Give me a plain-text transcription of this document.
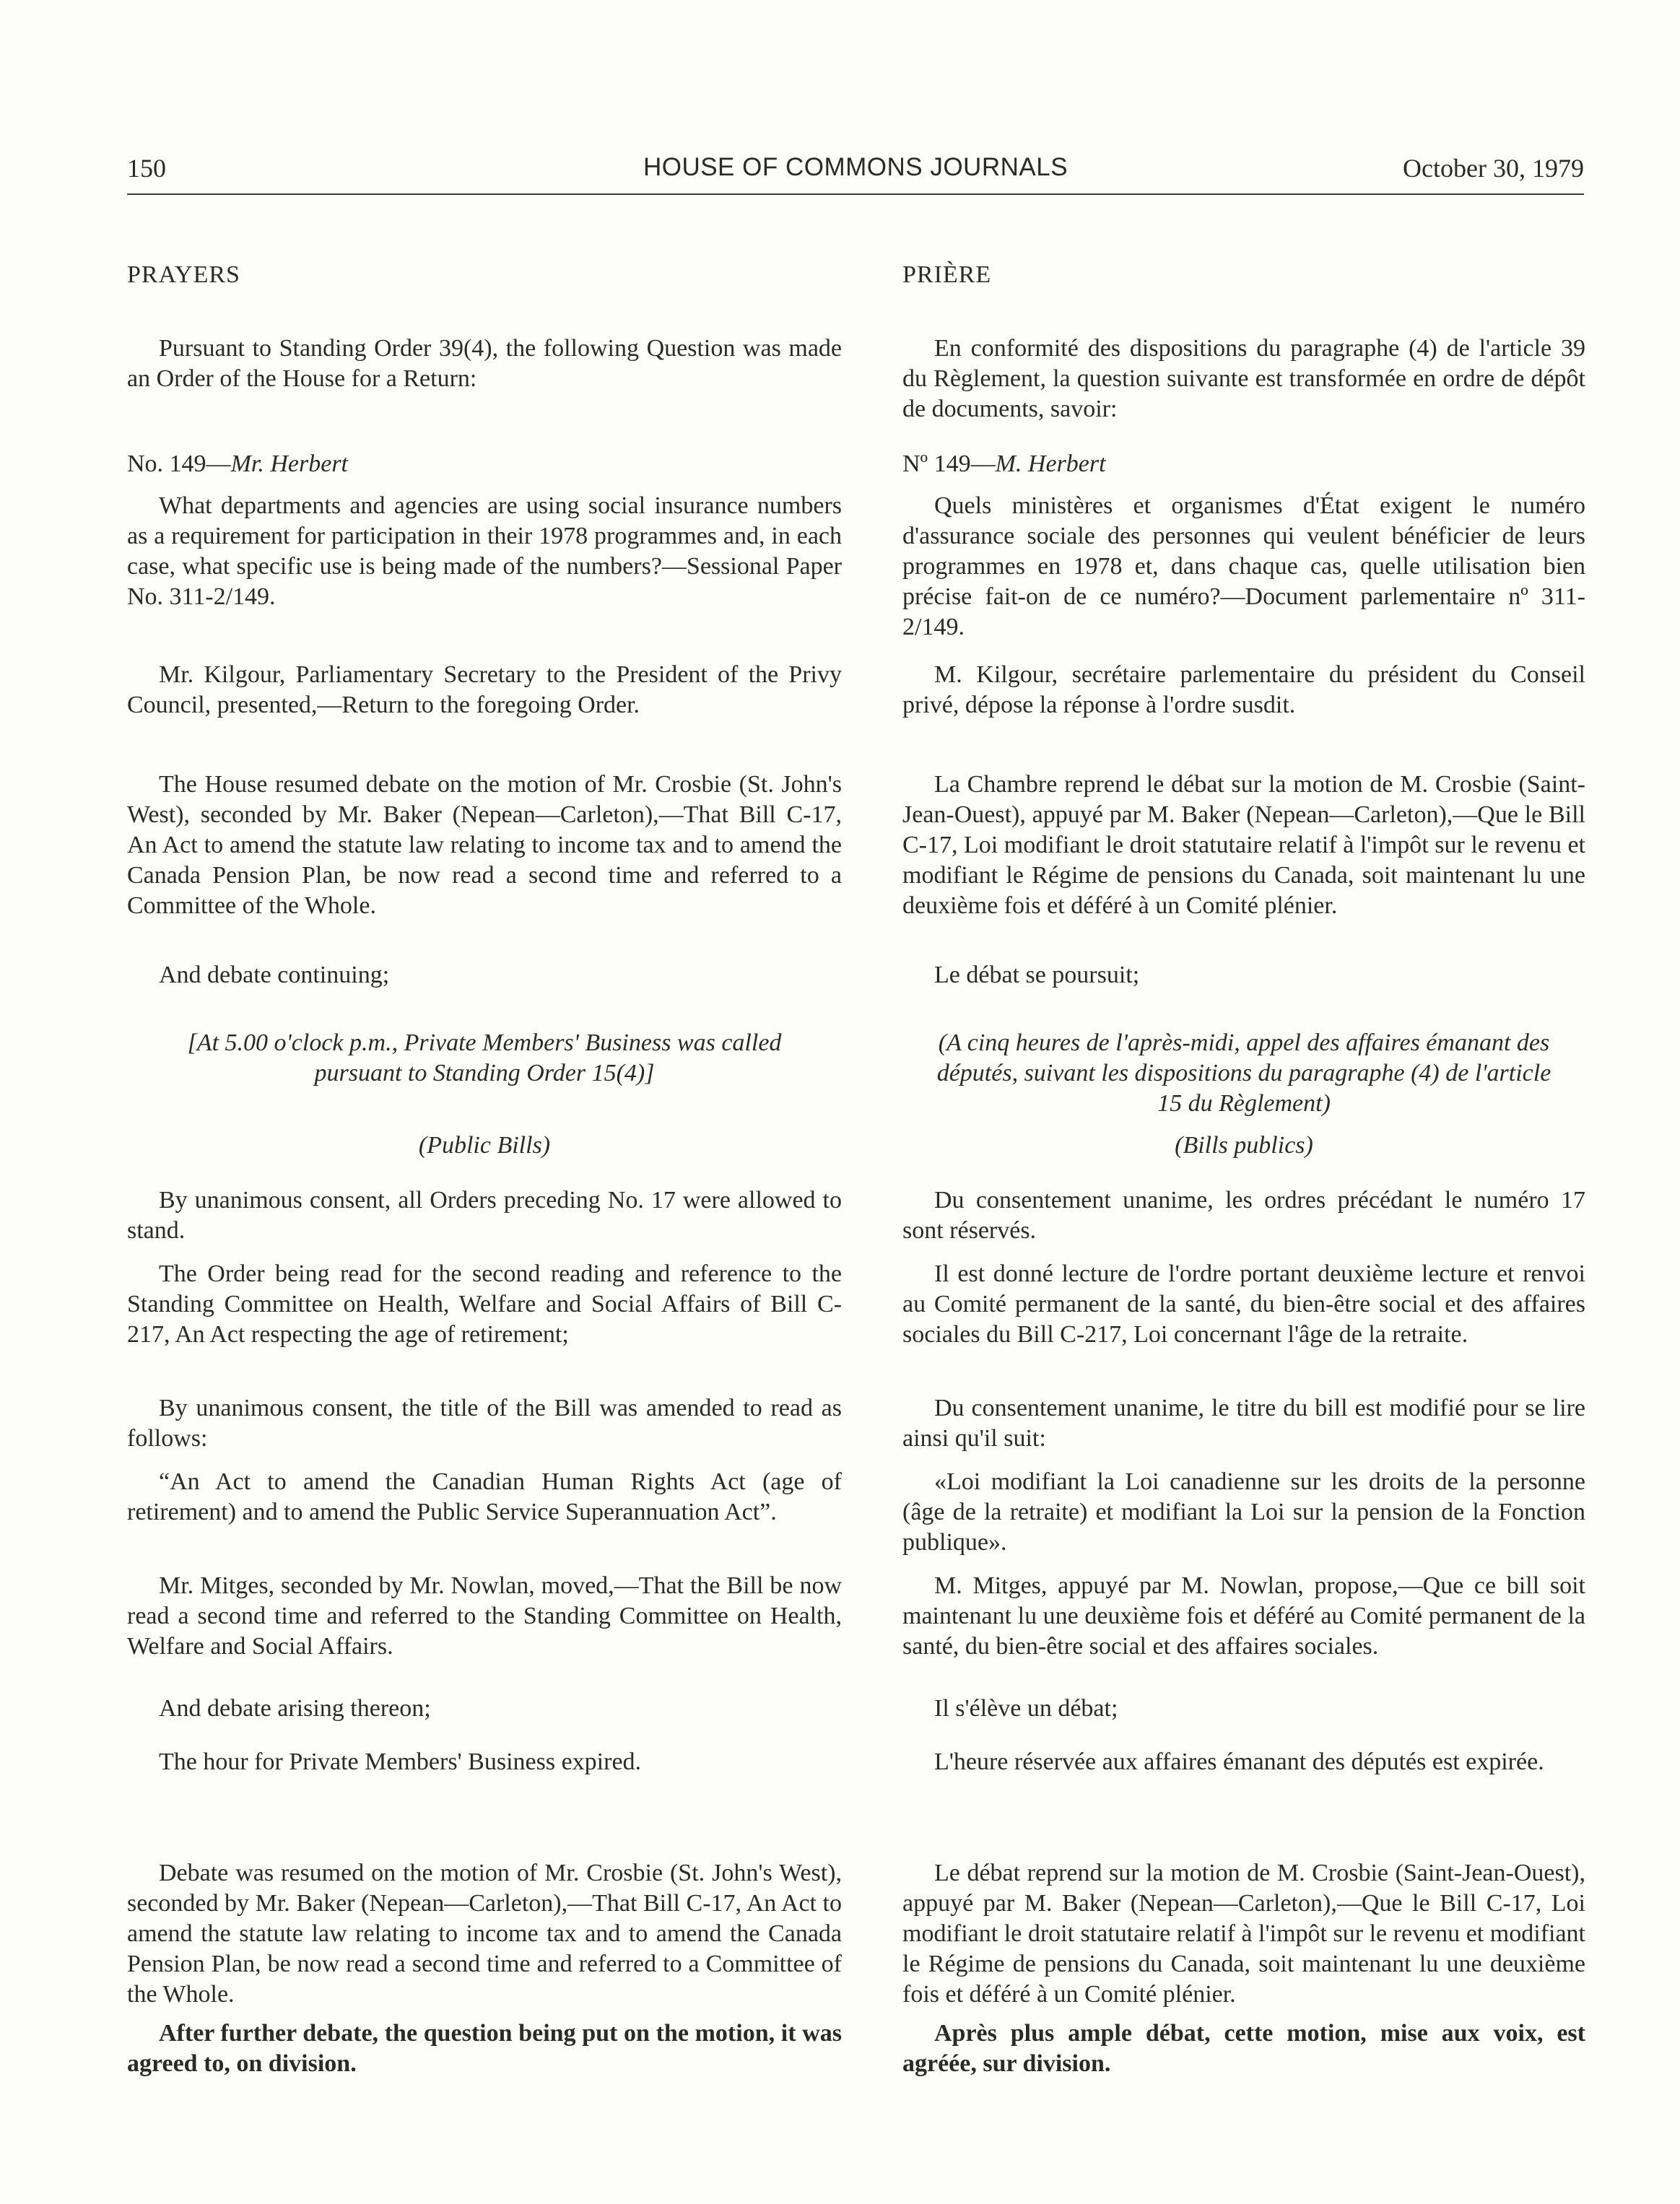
150	HOUSE OF COMMONS JOURNALS	October 30, 1979
PRAYERS
Pursuant to Standing Order 39(4), the following Question was made an Order of the House for a Return:
No. 149—Mr. Herbert
What departments and agencies are using social insurance numbers as a requirement for participation in their 1978 programmes and, in each case, what specific use is being made of the numbers?—Sessional Paper No. 311-2/149.
Mr. Kilgour, Parliamentary Secretary to the President of the Privy Council, presented,—Return to the foregoing Order.
The House resumed debate on the motion of Mr. Crosbie (St. John's West), seconded by Mr. Baker (Nepean—Carleton),—That Bill C-17, An Act to amend the statute law relating to income tax and to amend the Canada Pension Plan, be now read a second time and referred to a Committee of the Whole.
And debate continuing;
[At 5.00 o'clock p.m., Private Members' Business was called pursuant to Standing Order 15(4)]
(Public Bills)
By unanimous consent, all Orders preceding No. 17 were allowed to stand.
The Order being read for the second reading and reference to the Standing Committee on Health, Welfare and Social Affairs of Bill C-217, An Act respecting the age of retirement;
By unanimous consent, the title of the Bill was amended to read as follows:
“An Act to amend the Canadian Human Rights Act (age of retirement) and to amend the Public Service Superannuation Act”.
Mr. Mitges, seconded by Mr. Nowlan, moved,—That the Bill be now read a second time and referred to the Standing Committee on Health, Welfare and Social Affairs.
And debate arising thereon;
The hour for Private Members' Business expired.
Debate was resumed on the motion of Mr. Crosbie (St. John's West), seconded by Mr. Baker (Nepean—Carleton),—That Bill C-17, An Act to amend the statute law relating to income tax and to amend the Canada Pension Plan, be now read a second time and referred to a Committee of the Whole.
After further debate, the question being put on the motion, it was agreed to, on division.
PRIÈRE
En conformité des dispositions du paragraphe (4) de l'article 39 du Règlement, la question suivante est transformée en ordre de dépôt de documents, savoir:
Nº 149—M. Herbert
Quels ministères et organismes d'État exigent le numéro d'assurance sociale des personnes qui veulent bénéficier de leurs programmes en 1978 et, dans chaque cas, quelle utilisation bien précise fait-on de ce numéro?—Document parlementaire nº 311-2/149.
M. Kilgour, secrétaire parlementaire du président du Conseil privé, dépose la réponse à l'ordre susdit.
La Chambre reprend le débat sur la motion de M. Crosbie (Saint-Jean-Ouest), appuyé par M. Baker (Nepean—Carleton),—Que le Bill C-17, Loi modifiant le droit statutaire relatif à l'impôt sur le revenu et modifiant le Régime de pensions du Canada, soit maintenant lu une deuxième fois et déféré à un Comité plénier.
Le débat se poursuit;
(A cinq heures de l'après-midi, appel des affaires émanant des députés, suivant les dispositions du paragraphe (4) de l'article 15 du Règlement)
(Bills publics)
Du consentement unanime, les ordres précédant le numéro 17 sont réservés.
Il est donné lecture de l'ordre portant deuxième lecture et renvoi au Comité permanent de la santé, du bien-être social et des affaires sociales du Bill C-217, Loi concernant l'âge de la retraite.
Du consentement unanime, le titre du bill est modifié pour se lire ainsi qu'il suit:
«Loi modifiant la Loi canadienne sur les droits de la personne (âge de la retraite) et modifiant la Loi sur la pension de la Fonction publique».
M. Mitges, appuyé par M. Nowlan, propose,—Que ce bill soit maintenant lu une deuxième fois et déféré au Comité permanent de la santé, du bien-être social et des affaires sociales.
Il s'élève un débat;
L'heure réservée aux affaires émanant des députés est expirée.
Le débat reprend sur la motion de M. Crosbie (Saint-Jean-Ouest), appuyé par M. Baker (Nepean—Carleton),—Que le Bill C-17, Loi modifiant le droit statutaire relatif à l'impôt sur le revenu et modifiant le Régime de pensions du Canada, soit maintenant lu une deuxième fois et déféré à un Comité plénier.
Après plus ample débat, cette motion, mise aux voix, est agréée, sur division.
